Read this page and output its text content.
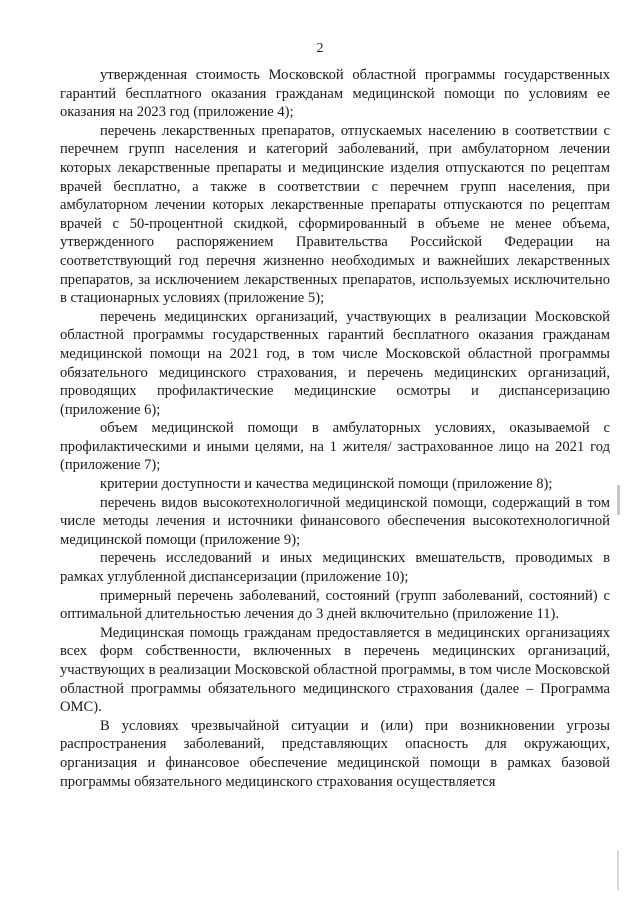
2

утвержденная стоимость Московской областной программы государственных гарантий бесплатного оказания гражданам медицинской помощи по условиям ее оказания на 2023 год (приложение 4);

перечень лекарственных препаратов, отпускаемых населению в соответствии с перечнем групп населения и категорий заболеваний, при амбулаторном лечении которых лекарственные препараты и медицинские изделия отпускаются по рецептам врачей бесплатно, а также в соответствии с перечнем групп населения, при амбулаторном лечении которых лекарственные препараты отпускаются по рецептам врачей с 50-процентной скидкой, сформированный в объеме не менее объема, утвержденного распоряжением Правительства Российской Федерации на соответствующий год перечня жизненно необходимых и важнейших лекарственных препаратов, за исключением лекарственных препаратов, используемых исключительно в стационарных условиях (приложение 5);

перечень медицинских организаций, участвующих в реализации Московской областной программы государственных гарантий бесплатного оказания гражданам медицинской помощи на 2021 год, в том числе Московской областной программы обязательного медицинского страхования, и перечень медицинских организаций, проводящих профилактические медицинские осмотры и диспансеризацию (приложение 6);

объем медицинской помощи в амбулаторных условиях, оказываемой с профилактическими и иными целями, на 1 жителя/ застрахованное лицо на 2021 год (приложение 7);

критерии доступности и качества медицинской помощи (приложение 8);

перечень видов высокотехнологичной медицинской помощи, содержащий в том числе методы лечения и источники финансового обеспечения высокотехнологичной медицинской помощи (приложение 9);

перечень исследований и иных медицинских вмешательств, проводимых в рамках углубленной диспансеризации (приложение 10);

примерный перечень заболеваний, состояний (групп заболеваний, состояний) с оптимальной длительностью лечения до 3 дней включительно (приложение 11).

Медицинская помощь гражданам предоставляется в медицинских организациях всех форм собственности, включенных в перечень медицинских организаций, участвующих в реализации Московской областной программы, в том числе Московской областной программы обязательного медицинского страхования (далее – Программа ОМС).

В условиях чрезвычайной ситуации и (или) при возникновении угрозы распространения заболеваний, представляющих опасность для окружающих, организация и финансовое обеспечение медицинской помощи в рамках базовой программы обязательного медицинского страхования осуществляется
